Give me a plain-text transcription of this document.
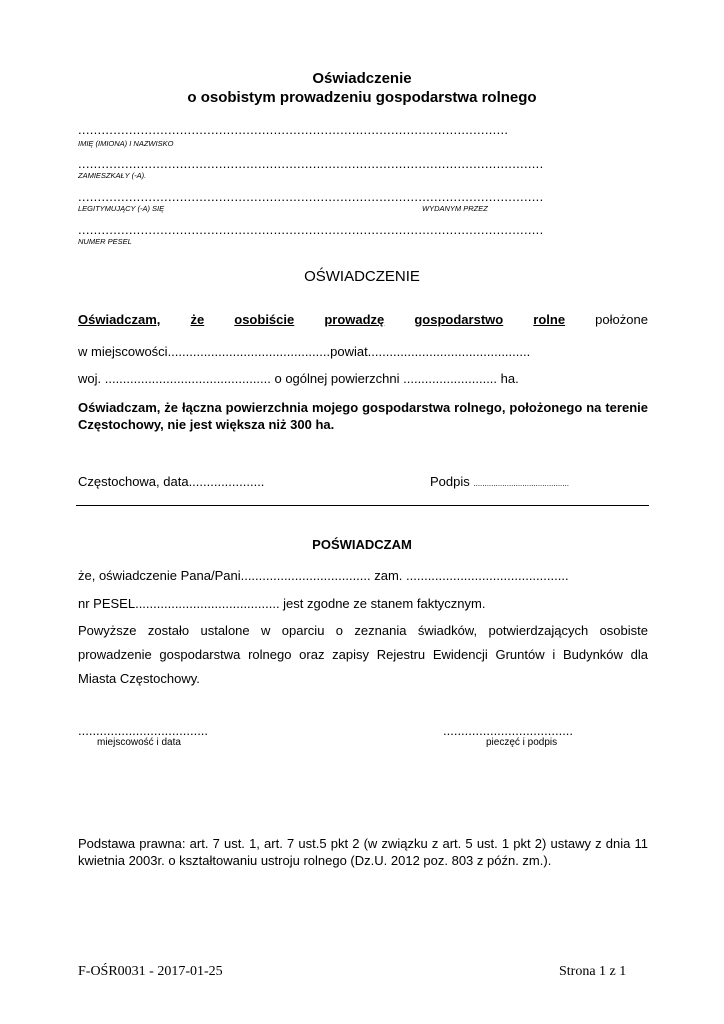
Oświadczenie
o osobistym prowadzeniu gospodarstwa rolnego
..............................................................................................................
IMIĘ (IMIONA) I NAZWISKO
.......................................................................................................................
ZAMIESZKAŁY (-A).
.......................................................................................................................
LEGITYMUJĄCY (-A) SIĘ	WYDANYM PRZEZ
.......................................................................................................................
NUMER PESEL
OŚWIADCZENIE
Oświadczam, że osobiście prowadzę gospodarstwo rolne położone
w miejscowości.............................................powiat.............................................
woj. .............................................. o ogólnej powierzchni .......................... ha.
Oświadczam, że łączna powierzchnia mojego gospodarstwa rolnego, położonego na terenie Częstochowy, nie jest większa niż 300 ha.
Częstochowa, data.....................	Podpis ...........................................
POŚWIADCZAM
że, oświadczenie Pana/Pani.................................... zam. .............................................
nr PESEL........................................ jest zgodne ze stanem faktycznym.
Powyższe zostało ustalone w oparciu o zeznania świadków, potwierdzających osobiste prowadzenie gospodarstwa rolnego oraz zapisy Rejestru Ewidencji Gruntów i Budynków dla Miasta Częstochowy.
....................................
miejscowość i data
....................................
pieczęć i podpis
Podstawa prawna: art. 7 ust. 1, art. 7 ust.5 pkt 2 (w związku z art. 5 ust. 1 pkt 2) ustawy z dnia 11 kwietnia 2003r. o kształtowaniu ustroju rolnego (Dz.U. 2012 poz. 803 z późn. zm.).
F-OŚR0031 - 2017-01-25	Strona 1 z 1
